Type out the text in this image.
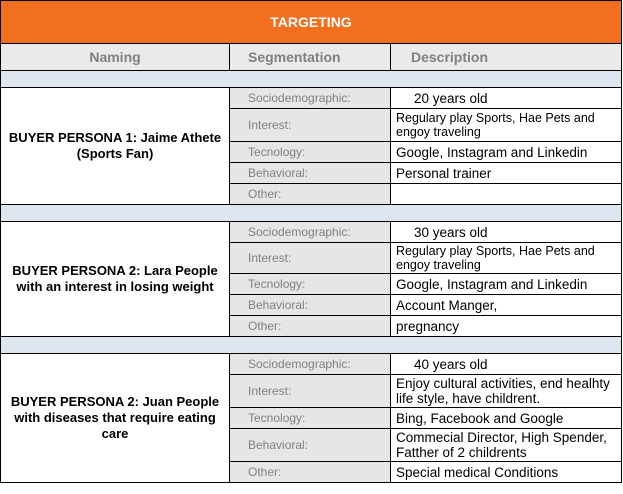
TARGETING		
Naming	Segmentation	Description

BUYER PERSONA 1: Jaime Athete (Sports Fan)	Sociodemographic:	20 years old
	Interest:	Regulary play Sports, Hae Pets and engoy traveling
	Tecnology:	Google, Instagram and Linkedin
	Behavioral:	Personal trainer
	Other:	

BUYER PERSONA 2: Lara People with an interest in losing weight	Sociodemographic:	30 years old
	Interest:	Regulary play Sports, Hae Pets and engoy traveling
	Tecnology:	Google, Instagram and Linkedin
	Behavioral:	Account Manger,
	Other:	pregnancy

BUYER PERSONA 2: Juan People with diseases that require eating care	Sociodemographic:	40 years old
	Interest:	Enjoy cultural activities, end healhty life style, have childrent.
	Tecnology:	Bing, Facebook and Google
	Behavioral:	Commecial Director, High Spender, Fatther of 2 childrents
	Other:	Special medical Conditions
